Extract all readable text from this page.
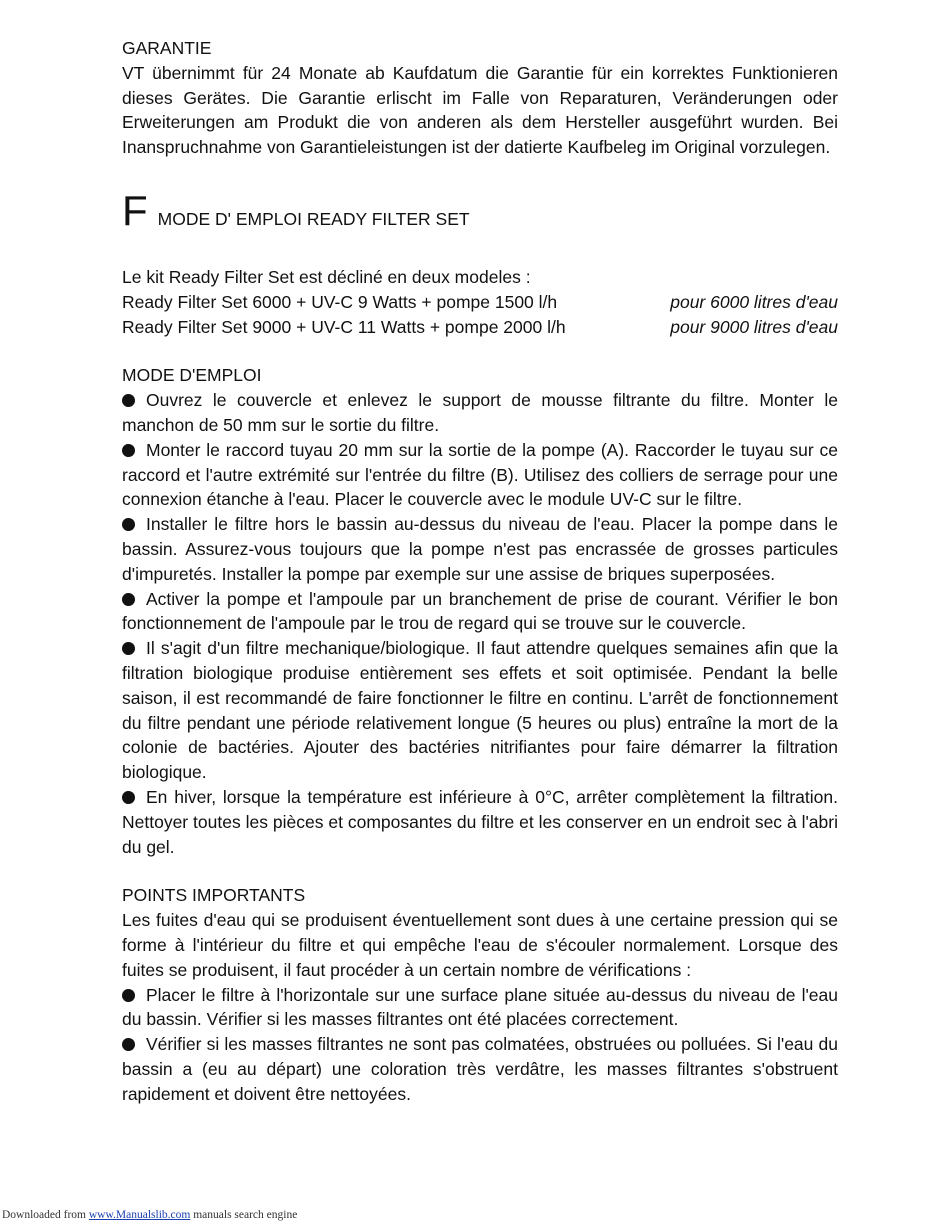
GARANTIE

VT übernimmt für 24 Monate ab Kaufdatum die Garantie für ein korrektes Funktionieren dieses Gerätes. Die Garantie erlischt im Falle von Reparaturen, Veränderungen oder Erweiterungen am Produkt die von anderen als dem Hersteller ausgeführt wurden. Bei Inanspruchnahme von Garantieleistungen ist der datierte Kaufbeleg im Original vorzulegen.

F MODE D' EMPLOI READY FILTER SET

Le kit Ready Filter Set est décliné en deux modeles :

Ready Filter Set 6000 + UV-C 9 Watts + pompe 1500 l/h	pour 6000 litres d'eau
Ready Filter Set 9000 + UV-C 11 Watts + pompe 2000 l/h	pour 9000 litres d'eau
MODE D'EMPLOI
Ouvrez le couvercle et enlevez le support de mousse filtrante du filtre. Monter le manchon de 50 mm sur le sortie du filtre.
Monter le raccord tuyau 20 mm sur la sortie de la pompe (A). Raccorder le tuyau sur ce raccord et l'autre extrémité sur l'entrée du filtre (B). Utilisez des colliers de serrage pour une connexion étanche à l'eau. Placer le couvercle avec le module UV-C sur le filtre.
Installer le filtre hors le bassin au-dessus du niveau de l'eau. Placer la pompe dans le bassin. Assurez-vous toujours que la pompe n'est pas encrassée de grosses particules d'impuretés. Installer la pompe par exemple sur une assise de briques superposées.
Activer la pompe et l'ampoule par un branchement de prise de courant. Vérifier le bon fonctionnement de l'ampoule par le trou de regard qui se trouve sur le couvercle.
Il s'agit d'un filtre mechanique/biologique. Il faut attendre quelques semaines afin que la filtration biologique produise entièrement ses effets et soit optimisée. Pendant la belle saison, il est recommandé de faire fonctionner le filtre en continu. L'arrêt de fonctionnement du filtre pendant une période relativement longue (5 heures ou plus) entraîne la mort de la colonie de bactéries. Ajouter des bactéries nitrifiantes pour faire démarrer la filtration biologique.
En hiver, lorsque la température est inférieure à 0°C, arrêter complètement la filtration. Nettoyer toutes les pièces et composantes du filtre et les conserver en un endroit sec à l'abri du gel.
POINTS IMPORTANTS

Les fuites d'eau qui se produisent éventuellement sont dues à une certaine pression qui se forme à l'intérieur du filtre et qui empêche l'eau de s'écouler normalement. Lorsque des fuites se produisent, il faut procéder à un certain nombre de vérifications :

Placer le filtre à l'horizontale sur une surface plane située au-dessus du niveau de l'eau du bassin. Vérifier si les masses filtrantes ont été placées correctement.
Vérifier si les masses filtrantes ne sont pas colmatées, obstruées ou polluées. Si l'eau du bassin a (eu au départ) une coloration très verdâtre, les masses filtrantes s'obstruent rapidement et doivent être nettoyées.
Downloaded from www.Manualslib.com manuals search engine
